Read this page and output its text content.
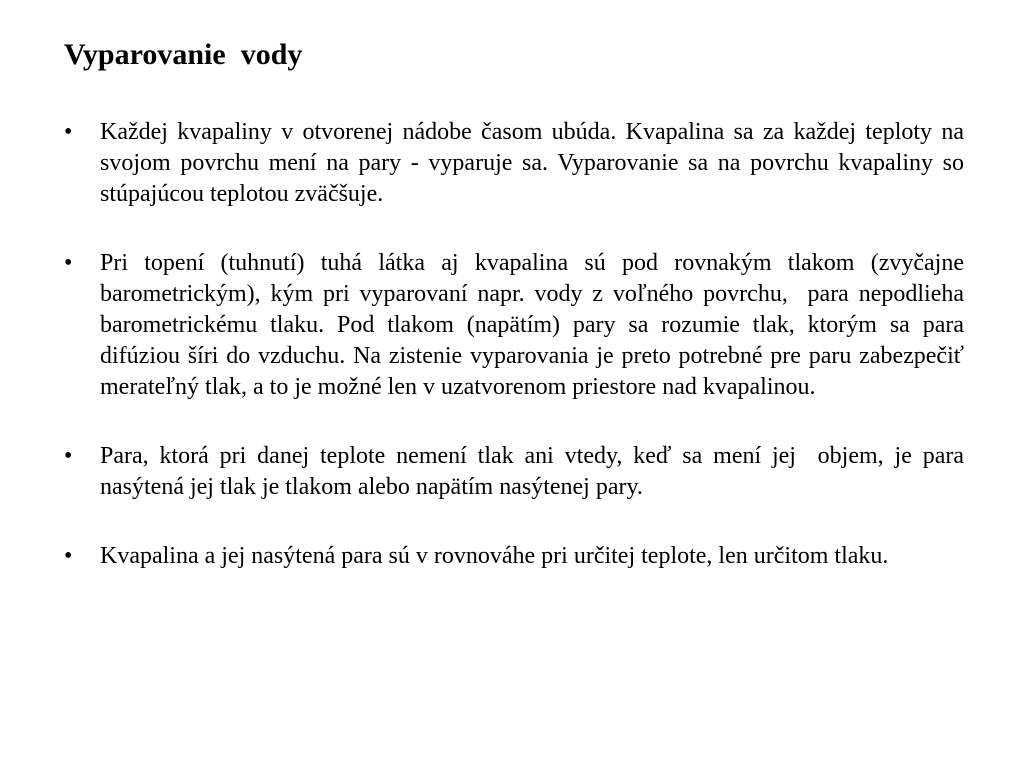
Vyparovanie  vody
•	Každej kvapaliny v otvorenej nádobe časom ubúda. Kvapalina sa za každej teploty na svojom povrchu mení na pary - vyparuje sa. Vyparovanie sa na povrchu kvapaliny so stúpajúcou teplotou zväčšuje.
•	Pri topení (tuhnutí) tuhá látka aj kvapalina sú pod rovnakým tlakom (zvyčajne barometrickým), kým pri vyparovaní napr. vody z voľného povrchu,  para nepodlieha barometrickému tlaku. Pod tlakom (napätím) pary sa rozumie tlak, ktorým sa para difúziou šíri do vzduchu. Na zistenie vyparovania je preto potrebné pre paru zabezpečiť merateľný tlak, a to je možné len v uzatvorenom priestore nad kvapalinou.
•	Para, ktorá pri danej teplote nemení tlak ani vtedy, keď sa mení jej  objem, je para  nasýtená jej tlak je tlakom alebo napätím nasýtenej pary.
•	Kvapalina a jej nasýtená para sú v rovnováhe pri určitej teplote, len určitom tlaku.
